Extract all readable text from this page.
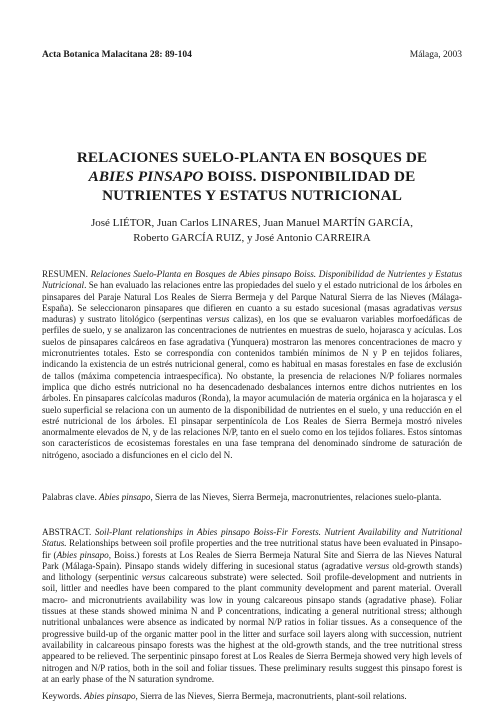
Acta Botanica Malacitana 28: 89-104	Málaga, 2003
RELACIONES SUELO-PLANTA EN BOSQUES DE
ABIES PINSAPO BOISS. DISPONIBILIDAD DE
NUTRIENTES Y ESTATUS NUTRICIONAL
José LIÉTOR, Juan Carlos LINARES, Juan Manuel MARTÍN GARCÍA,
Roberto GARCÍA RUIZ, y José Antonio CARREIRA
RESUMEN. Relaciones Suelo-Planta en Bosques de Abies pinsapo Boiss. Disponibilidad de Nutrientes y Estatus Nutricional. Se han evaluado las relaciones entre las propiedades del suelo y el estado nutricional de los árboles en pinsapares del Paraje Natural Los Reales de Sierra Bermeja y del Parque Natural Sierra de las Nieves (Málaga-España). Se seleccionaron pinsapares que difieren en cuanto a su estado sucesional (masas agradativas versus maduras) y sustrato litológico (serpentinas versus calizas), en los que se evaluaron variables morfoedáficas de perfiles de suelo, y se analizaron las concentraciones de nutrientes en muestras de suelo, hojarasca y acículas. Los suelos de pinsapares calcáreos en fase agradativa (Yunquera) mostraron las menores concentraciones de macro y micronutrientes totales. Esto se correspondía con contenidos también mínimos de N y P en tejidos foliares, indicando la existencia de un estrés nutricional general, como es habitual en masas forestales en fase de exclusión de tallos (máxima competencia intraespecífica). No obstante, la presencia de relaciones N/P foliares normales implica que dicho estrés nutricional no ha desencadenado desbalances internos entre dichos nutrientes en los árboles. En pinsapares calcícolas maduros (Ronda), la mayor acumulación de materia orgánica en la hojarasca y el suelo superficial se relaciona con un aumento de la disponibilidad de nutrientes en el suelo, y una reducción en el estré nutricional de los árboles. El pinsapar serpentinícola de Los Reales de Sierra Bermeja mostró niveles anormalmente elevados de N, y de las relaciones N/P, tanto en el suelo como en los tejidos foliares. Estos síntomas son característicos de ecosistemas forestales en una fase temprana del denominado síndrome de saturación de nitrógeno, asociado a disfunciones en el ciclo del N.
Palabras clave. Abies pinsapo, Sierra de las Nieves, Sierra Bermeja, macronutrientes, relaciones suelo-planta.
ABSTRACT. Soil-Plant relationships in Abies pinsapo Boiss-Fir Forests. Nutrient Availability and Nutritional Status. Relationships between soil profile properties and the tree nutritional status have been evaluated in Pinsapo-fir (Abies pinsapo, Boiss.) forests at Los Reales de Sierra Bermeja Natural Site and Sierra de las Nieves Natural Park (Málaga-Spain). Pinsapo stands widely differing in sucesional status (agradative versus old-growth stands) and lithology (serpentinic versus calcareous substrate) were selected. Soil profile-development and nutrients in soil, littler and needles have been compared to the plant community development and parent material. Overall macro- and micronutrients availability was low in young calcareous pinsapo stands (agradative phase). Foliar tissues at these stands showed minima N and P concentrations, indicating a general nutritional stress; although nutritional unbalances were absence as indicated by normal N/P ratios in foliar tissues. As a consequence of the progressive build-up of the organic matter pool in the litter and surface soil layers along with succession, nutrient availability in calcareous pinsapo forests was the highest at the old-growth stands, and the tree nutritional stress appeared to be relieved. The serpentinic pinsapo forest at Los Reales de Sierra Bermeja showed very high levels of nitrogen and N/P ratios, both in the soil and foliar tissues. These preliminary results suggest this pinsapo forest is at an early phase of the N saturation syndrome.
Keywords. Abies pinsapo, Sierra de las Nieves, Sierra Bermeja, macronutrients, plant-soil relations.
